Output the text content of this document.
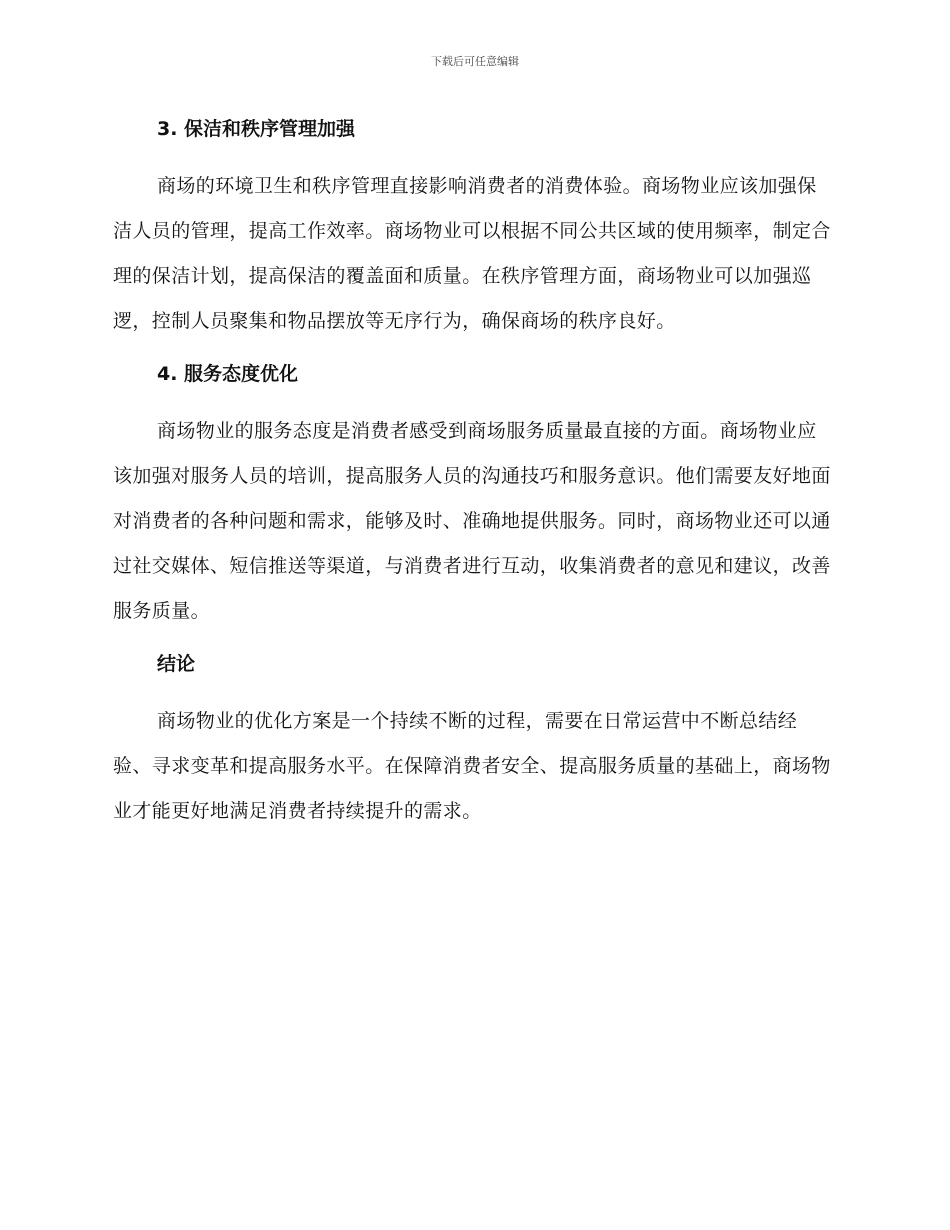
下载后可任意编辑
3. 保洁和秩序管理加强

商场的环境卫生和秩序管理直接影响消费者的消费体验。商场物业应该加强保洁人员的管理，提高工作效率。商场物业可以根据不同公共区域的使用频率，制定合理的保洁计划，提高保洁的覆盖面和质量。在秩序管理方面，商场物业可以加强巡逻，控制人员聚集和物品摆放等无序行为，确保商场的秩序良好。

4. 服务态度优化

商场物业的服务态度是消费者感受到商场服务质量最直接的方面。商场物业应该加强对服务人员的培训，提高服务人员的沟通技巧和服务意识。他们需要友好地面对消费者的各种问题和需求，能够及时、准确地提供服务。同时，商场物业还可以通过社交媒体、短信推送等渠道，与消费者进行互动，收集消费者的意见和建议，改善服务质量。

结论

商场物业的优化方案是一个持续不断的过程，需要在日常运营中不断总结经验、寻求变革和提高服务水平。在保障消费者安全、提高服务质量的基础上，商场物业才能更好地满足消费者持续提升的需求。
